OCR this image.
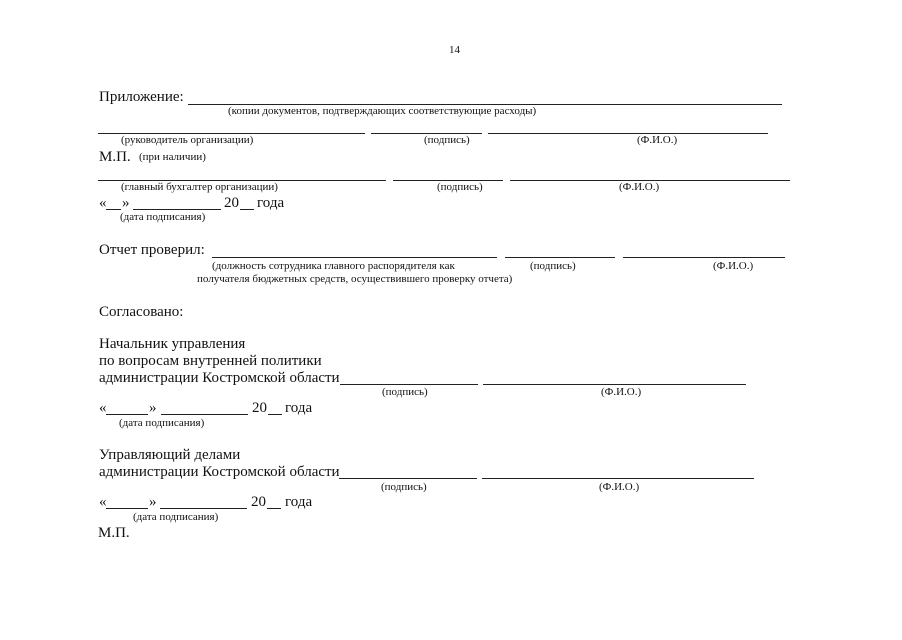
14
Приложение:
(копии документов, подтверждающих соответствующие расходы)
(руководитель организации)	(подпись)	(Ф.И.О.)
М.П. (при наличии)
(главный бухгалтер организации)	(подпись)	(Ф.И.О.)
« »	20 года
(дата подписания)
Отчет проверил:
(должность сотрудника главного распорядителя как	(подпись)	(Ф.И.О.)
получателя бюджетных средств, осуществившего проверку отчета)
Согласовано:
Начальник управления
по вопросам внутренней политики
администрации Костромской области
(подпись)	(Ф.И.О.)
«	»	20 года
(дата подписания)
Управляющий делами
администрации Костромской области
(подпись)	(Ф.И.О.)
«	»	20 года
(дата подписания)
М.П.
